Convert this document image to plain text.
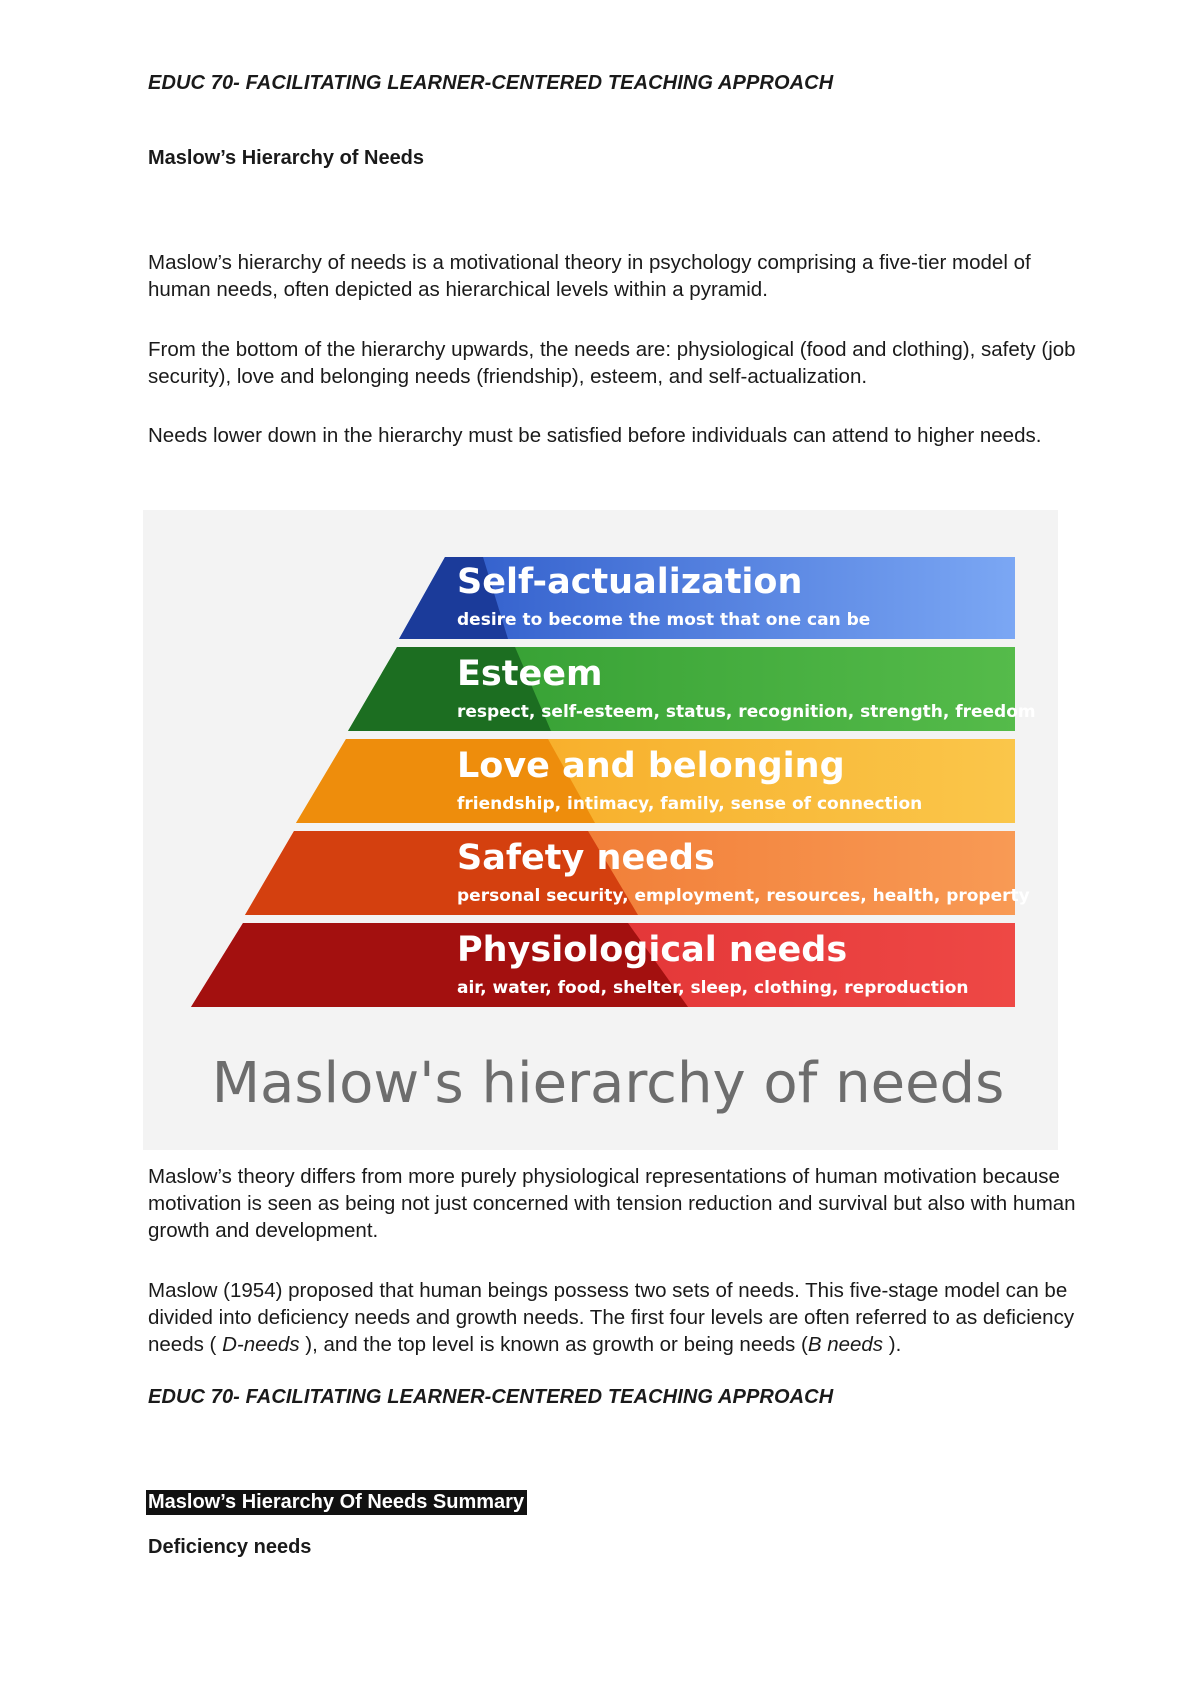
EDUC 70- FACILITATING LEARNER-CENTERED TEACHING APPROACH
Maslow’s Hierarchy of Needs
Maslow’s hierarchy of needs is a motivational theory in psychology comprising a five-tier model of human needs, often depicted as hierarchical levels within a pyramid.
From the bottom of the hierarchy upwards, the needs are: physiological (food and clothing), safety (job security), love and belonging needs (friendship), esteem, and self-actualization.
Needs lower down in the hierarchy must be satisfied before individuals can attend to higher needs.
Self-actualization
desire to become the most that one can be
Esteem
respect, self-esteem, status, recognition, strength, freedom
Love and belonging
friendship, intimacy, family, sense of connection
Safety needs
personal security, employment, resources, health, property
Physiological needs
air, water, food, shelter, sleep, clothing, reproduction
Maslow's hierarchy of needs
Maslow’s theory differs from more purely physiological representations of human motivation because motivation is seen as being not just concerned with tension reduction and survival but also with human growth and development.
Maslow (1954) proposed that human beings possess two sets of needs. This five-stage model can be divided into deficiency needs and growth needs. The first four levels are often referred to as deficiency needs ( D-needs ), and the top level is known as growth or being needs (B needs ).
EDUC 70- FACILITATING LEARNER-CENTERED TEACHING APPROACH
Maslow’s Hierarchy Of Needs Summary
Deficiency needs
